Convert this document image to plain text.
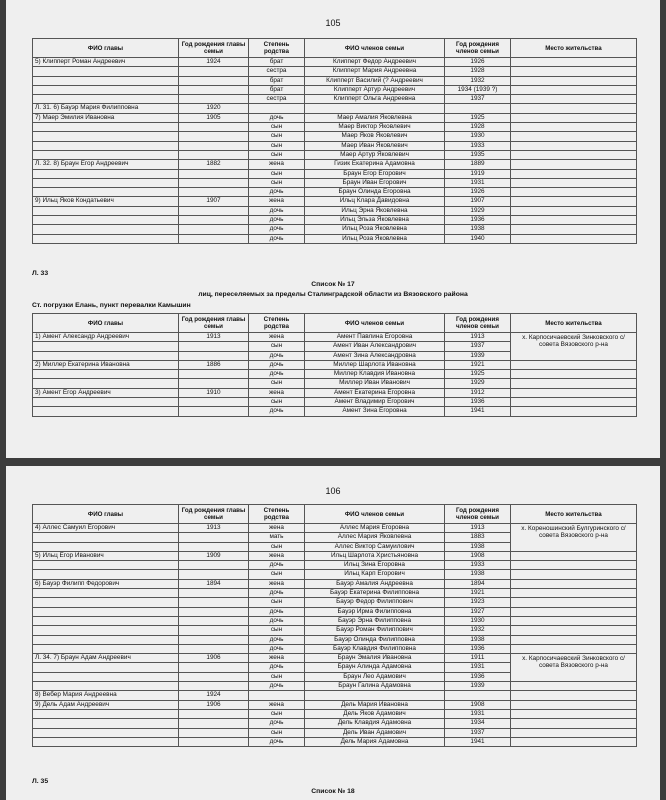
105
ФИО главы	Год рождения главы семьи	Степень родства	ФИО членов семьи	Год рождения членов семьи	Место жительства
5) Клипперт Роман Андреевич	1924	брат	Клипперт Федор Андреевич	1926	
		сестра	Клипперт Мария Андреевна	1928	
		брат	Клипперт Василий (? Андреевич	1932	
		брат	Клипперт Артур Андреевич	1934 (1939 ?)	
		сестра	Клипперт Ольга Андреевна	1937	
Л. 31. 6) Бауэр Мария Филипповна	1920				
7) Маер Эмилия Ивановна	1905	дочь	Маер Амалия Яковлевна	1925	
		сын	Маер Виктор Яковлевич	1928	
		сын	Маер Яков Яковлевич	1930	
		сын	Маер Иван Яковлевич	1933	
		сын	Маер Артур Яковлевич	1935	
Л. 32. 8) Браун Егор Андреевич	1882	жена	Гизик Екатерина Адамовна	1889	
		сын	Браун Егор Егорович	1919	
		сын	Браун Иван Егорович	1931	
		дочь	Браун Олинда Егоровна	1926	
9) Ильц Яков Кондатьевич	1907	жена	Ильц Клара Давидовна	1907	
		дочь	Ильц Эрна Яковлевна	1929	
		дочь	Ильц Эльза Яковлевна	1936	
		дочь	Ильц Роза Яковлевна	1938	
		дочь	Ильц Роза Яковлевна	1940	
Л. 33
Список № 17
лиц, переселяемых за пределы Сталинградской области из Вязовского района
Ст. погрузки Елань, пункт перевалки Камышин
ФИО главы	Год рождения главы семьи	Степень родства	ФИО членов семьи	Год рождения членов семьи	Место жительства
1) Амент Александр Андреевич	1913	жена	Амент Павлина Егоровна	1913	х. Карпосичаевский Зинковского с/совета Вязовского р-на
		сын	Амент Иван Александрович	1937	
		дочь	Амент Зина Александровна	1939	
2) Миллер Екатерина Ивановна	1886	дочь	Миллер Шарлота Ивановна	1921	
		дочь	Миллер Клавдия Ивановна	1925	
		сын	Миллер Иван Иванович	1929	
3) Амент Егор Андреевич	1910	жена	Амент Екатерина Егоровна	1912	
		сын	Амент Владимир Егорович	1936	
		дочь	Амент Зина Егоровна	1941	
106
ФИО главы	Год рождения главы семьи	Степень родства	ФИО членов семьи	Год рождения членов семьи	Место жительства
4) Аллес Самуил Егорович	1913	жена	Аллес Мария Егоровна	1913	х. Кореношинский Булгуринского с/совета Вязовского р-на
		мать	Аллес Мария Яковлевна	1883	
		сын	Аллес Виктор Самуилович	1938	
5) Ильц Егор Иванович	1909	жена	Ильц Шарлота Христьяновна	1908	
		дочь	Ильц Зина Егоровна	1933	
		сын	Ильц Карп Егорович	1938	
6) Бауэр Филипп Федорович	1894	жена	Бауэр Амалия Андреевна	1894	
		дочь	Бауэр Екатерина Филипповна	1921	
		сын	Бауэр Федор Филиппович	1923	
		дочь	Бауэр Ирма Филипповна	1927	
		дочь	Бауэр Эрна Филипповна	1930	
		сын	Бауэр Роман Филиппович	1932	
		дочь	Бауэр Олинда Филипповна	1938	
		дочь	Бауэр Клавдия Филипповна	1936	
Л. 34. 7) Браун Адам Андреевич	1906	жена	Браун Эмалия Ивановна	1911	х. Карпосичаевский Зинковского с/совета Вязовского р-на
		дочь	Браун Алинда Адамовна	1931	
		сын	Браун Лео Адамович	1936	
		дочь	Браун Галина Адамовна	1939	
8) Вебер Мария Андреевна	1924				
9) Дель Адам Андреевич	1906	жена	Дель Мария Ивановна	1908	
		сын	Дель Яков Адамович	1931	
		дочь	Дель Клавдия Адамовна	1934	
		сын	Дель Иван Адамович	1937	
		дочь	Дель Мария Адамовна	1941	
Л. 35
Список № 18
